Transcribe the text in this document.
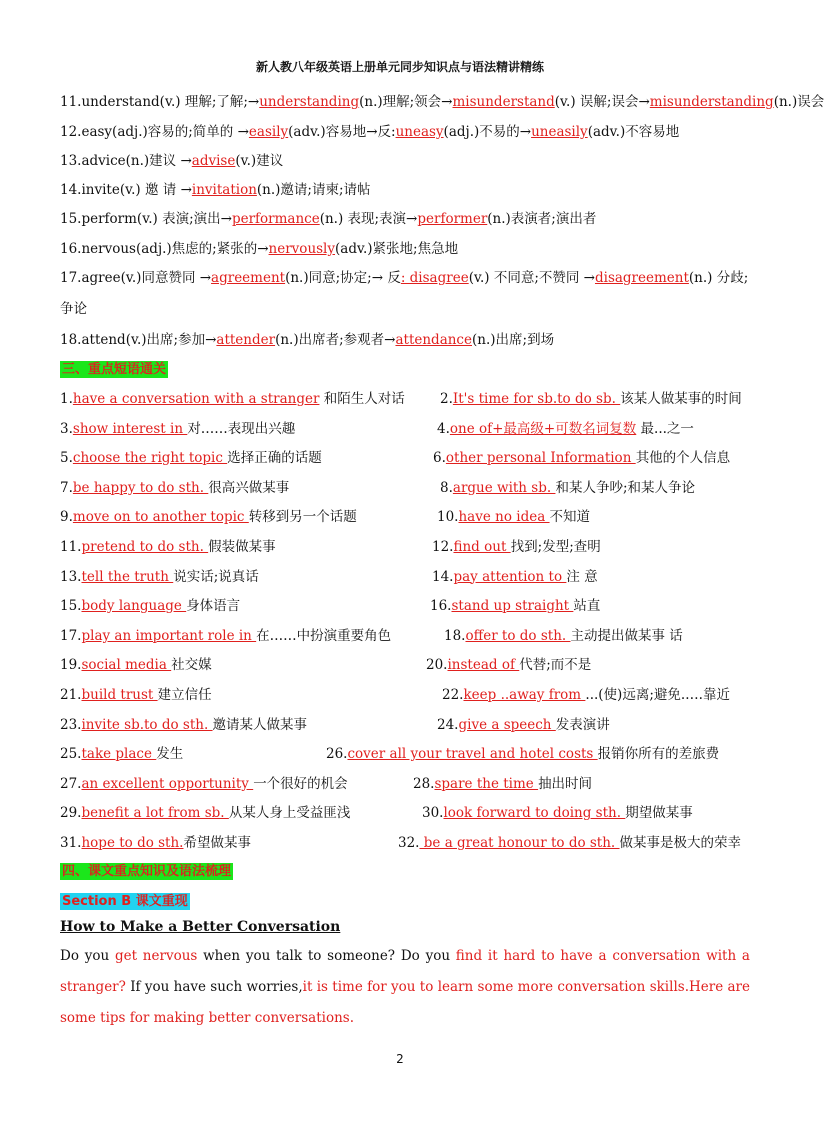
新人教八年级英语上册单元同步知识点与语法精讲精练
11.understand(v.) 理解;了解;→understanding(n.)理解;领会→misunderstand(v.) 误解;误会→misunderstanding(n.)误会
12.easy(adj.)容易的;简单的 →easily(adv.)容易地→反:uneasy(adj.)不易的→uneasily(adv.)不容易地
13.advice(n.)建议 →advise(v.)建议
14.invite(v.) 邀 请 →invitation(n.)邀请;请柬;请帖
15.perform(v.) 表演;演出→performance(n.) 表现;表演→performer(n.)表演者;演出者
16.nervous(adj.)焦虑的;紧张的→nervously(adv.)紧张地;焦急地
17.agree(v.)同意赞同 →agreement(n.)同意;协定;→ 反: disagree(v.) 不同意;不赞同 →disagreement(n.) 分歧;
争论
18.attend(v.)出席;参加→attender(n.)出席者;参观者→attendance(n.)出席;到场
三、重点短语通关
1.have a conversation with a stranger 和陌生人对话	2.It's time for sb.to do sb. 该某人做某事的时间
3.show interest in 对……表现出兴趣	4.one of+最高级+可数名词复数 最...之一
5.choose the right topic 选择正确的话题	6.other personal Information 其他的个人信息
7.be happy to do sth. 很高兴做某事	8.argue with sb. 和某人争吵;和某人争论
9.move on to another topic 转移到另一个话题	10.have no idea 不知道
11.pretend to do sth. 假装做某事	12.find out 找到;发型;查明
13.tell the truth 说实话;说真话	14.pay attention to 注 意
15.body language 身体语言	16.stand up straight 站直
17.play an important role in 在……中扮演重要角色	18.offer to do sth. 主动提出做某事 话
19.social media 社交媒	20.instead of 代替;而不是
21.build trust 建立信任	22.keep ..away from ...(使)远离;避免.….靠近
23.invite sb.to do sth. 邀请某人做某事	24.give a speech 发表演讲
25.take place 发生	26.cover all your travel and hotel costs 报销你所有的差旅费
27.an excellent opportunity 一个很好的机会	28.spare the time 抽出时间
29.benefit a lot from sb. 从某人身上受益匪浅	30.look forward to doing sth. 期望做某事
31.hope to do sth.希望做某事	32. be a great honour to do sth. 做某事是极大的荣幸
四、课文重点知识及语法梳理
Section B 课文重现
How to Make a Better Conversation
Do you get nervous when you talk to someone? Do you find it hard to have a conversation with a stranger? If you have such worries,it is time for you to learn some more conversation skills.Here are some tips for making better conversations.
2
